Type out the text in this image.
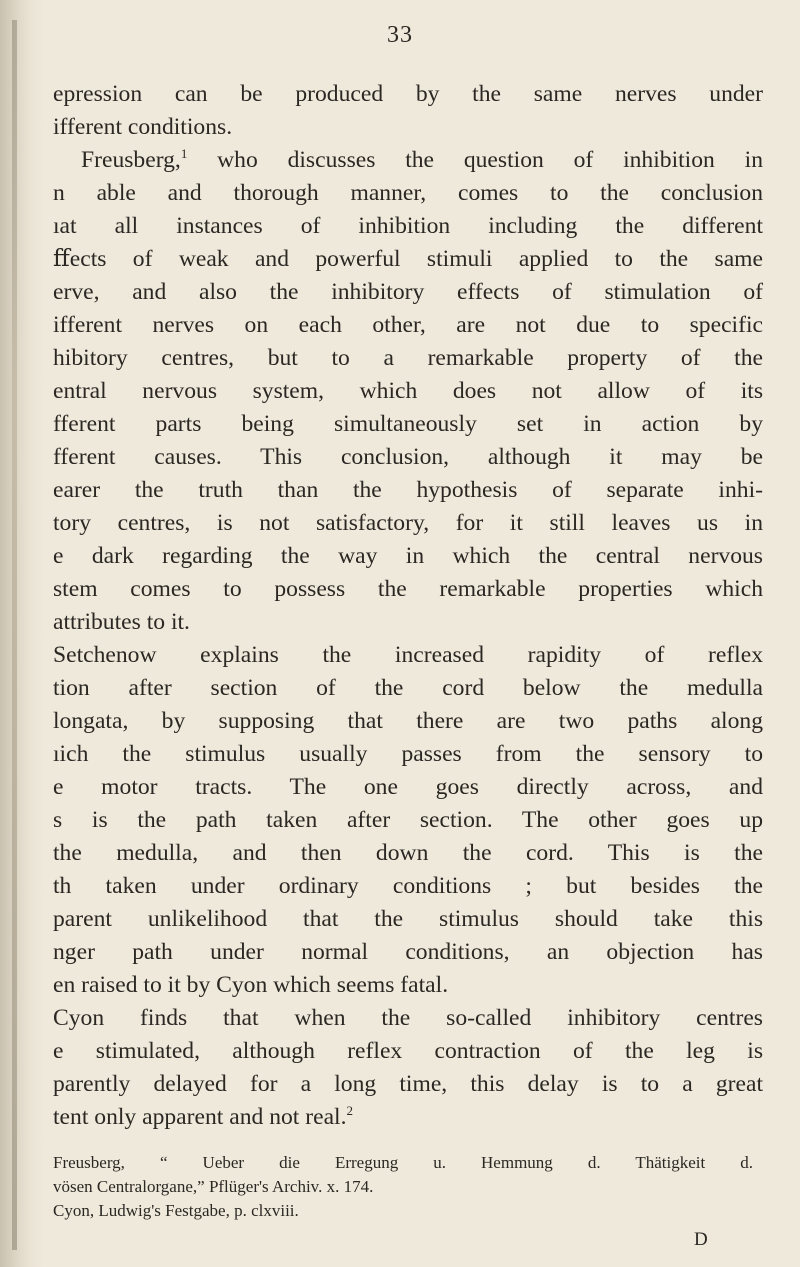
33
epression can be produced by the same nerves under
ifferent conditions.
Freusberg,$^1$ who discusses the question of inhibition in
n able and thorough manner, comes to the conclusion
ıat all instances of inhibition including the different
ﬀects of weak and powerful stimuli applied to the same
erve, and also the inhibitory effects of stimulation of
ifferent nerves on each other, are not due to specific
hibitory centres, but to a remarkable property of the
entral nervous system, which does not allow of its
fferent parts being simultaneously set in action by
fferent causes. This conclusion, although it may be
earer the truth than the hypothesis of separate inhi-
tory centres, is not satisfactory, for it still leaves us in
e dark regarding the way in which the central nervous
stem comes to possess the remarkable properties which
attributes to it.
Setchenow explains the increased rapidity of reflex
tion after section of the cord below the medulla
longata, by supposing that there are two paths along
ıich the stimulus usually passes from the sensory to
e motor tracts. The one goes directly across, and
s is the path taken after section. The other goes up
the medulla, and then down the cord. This is the
th taken under ordinary conditions ; but besides the
parent unlikelihood that the stimulus should take this
nger path under normal conditions, an objection has
en raised to it by Cyon which seems fatal.
Cyon finds that when the so-called inhibitory centres
e stimulated, although reflex contraction of the leg is
parently delayed for a long time, this delay is to a great
tent only apparent and not real.$^2$
Freusberg, “ Ueber die Erregung u. Hemmung d. Thätigkeit d.
vösen Centralorgane,” Pflüger's Archiv. x. 174.
Cyon, Ludwig's Festgabe, p. clxviii.
D
